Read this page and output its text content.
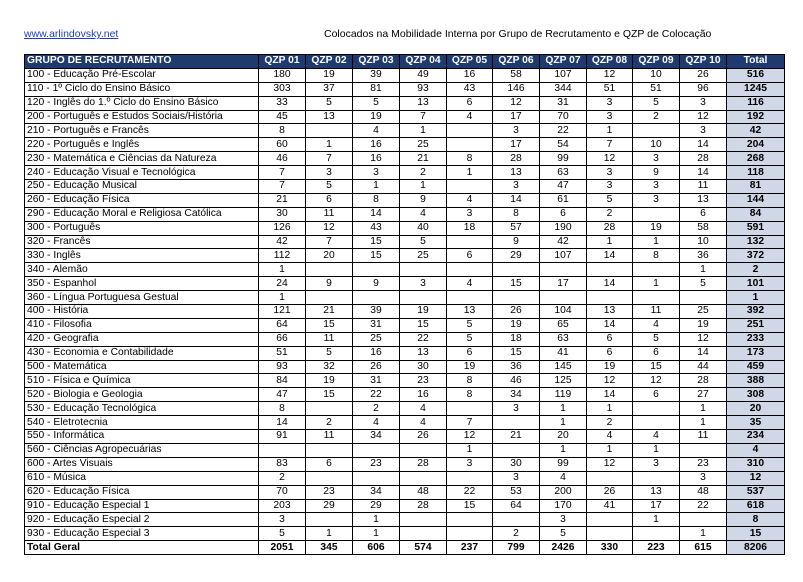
www.arlindovsky.net	Colocados na Mobilidade Interna por Grupo de Recrutamento e QZP de Colocação
GRUPO DE RECRUTAMENTO	QZP 01	QZP 02	QZP 03	QZP 04	QZP 05	QZP 06	QZP 07	QZP 08	QZP 09	QZP 10	Total
100 - Educação Pré-Escolar	180	19	39	49	16	58	107	12	10	26	516
110 - 1º Ciclo do Ensino Básico	303	37	81	93	43	146	344	51	51	96	1245
120 - Inglês do 1.º Ciclo do Ensino Básico	33	5	5	13	6	12	31	3	5	3	116
200 - Português e Estudos Sociais/História	45	13	19	7	4	17	70	3	2	12	192
210 - Português e Francês	8		4	1		3	22	1		3	42
220 - Português e Inglês	60	1	16	25		17	54	7	10	14	204
230 - Matemática e Ciências da Natureza	46	7	16	21	8	28	99	12	3	28	268
240 - Educação Visual e Tecnológica	7	3	3	2	1	13	63	3	9	14	118
250 - Educação Musical	7	5	1	1		3	47	3	3	11	81
260 - Educação Física	21	6	8	9	4	14	61	5	3	13	144
290 - Educação Moral e Religiosa Católica	30	11	14	4	3	8	6	2		6	84
300 - Português	126	12	43	40	18	57	190	28	19	58	591
320 - Francês	42	7	15	5		9	42	1	1	10	132
330 - Inglês	112	20	15	25	6	29	107	14	8	36	372
340 - Alemão	1									1	2
350 - Espanhol	24	9	9	3	4	15	17	14	1	5	101
360 - Língua Portuguesa Gestual	1										1
400 - História	121	21	39	19	13	26	104	13	11	25	392
410 - Filosofia	64	15	31	15	5	19	65	14	4	19	251
420 - Geografia	66	11	25	22	5	18	63	6	5	12	233
430 - Economia e Contabilidade	51	5	16	13	6	15	41	6	6	14	173
500 - Matemática	93	32	26	30	19	36	145	19	15	44	459
510 - Física e Química	84	19	31	23	8	46	125	12	12	28	388
520 - Biologia e Geologia	47	15	22	16	8	34	119	14	6	27	308
530 - Educação Tecnológica	8		2	4		3	1	1		1	20
540 - Eletrotecnia	14	2	4	4	7		1	2		1	35
550 - Informática	91	11	34	26	12	21	20	4	4	11	234
560 - Ciências Agropecuárias					1		1	1	1		4
600 - Artes Visuais	83	6	23	28	3	30	99	12	3	23	310
610 - Música	2					3	4			3	12
620 - Educação Física	70	23	34	48	22	53	200	26	13	48	537
910 - Educação Especial 1	203	29	29	28	15	64	170	41	17	22	618
920 - Educação Especial 2	3		1				3		1		8
930 - Educação Especial 3	5	1	1			2	5			1	15
Total Geral	2051	345	606	574	237	799	2426	330	223	615	8206
